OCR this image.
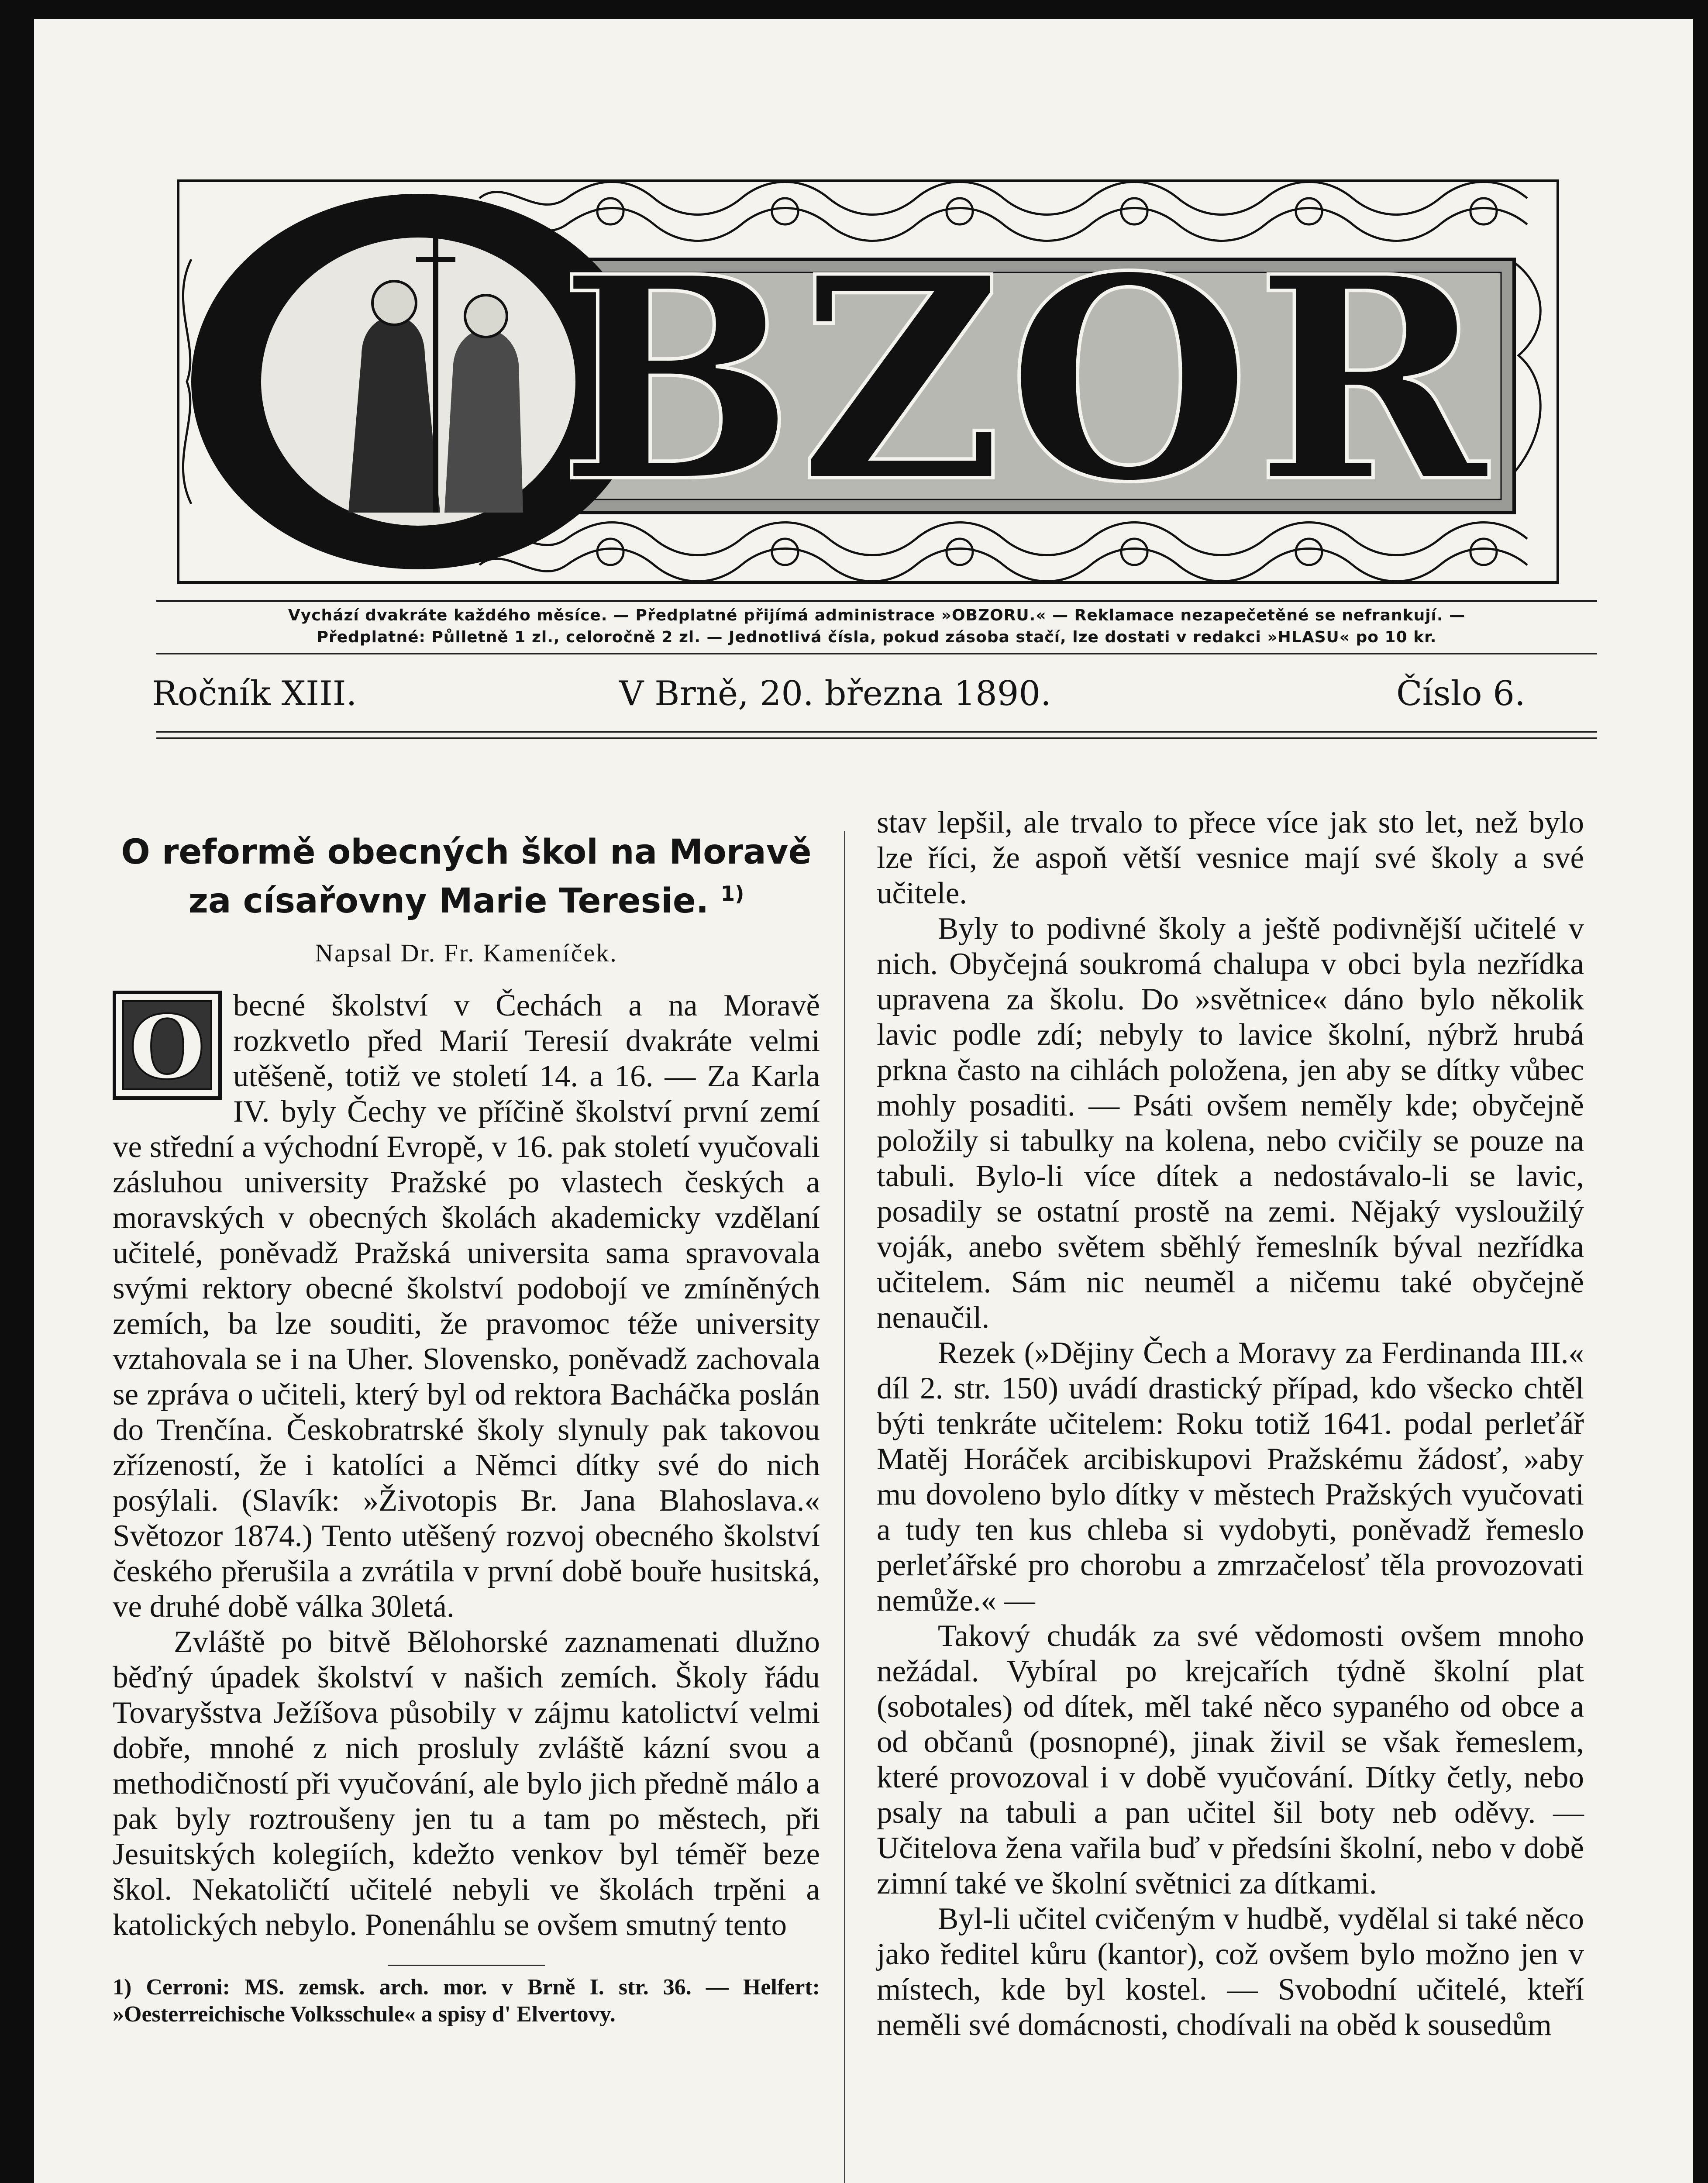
BZOR
Vychází dvakráte každého měsíce. — Předplatné přijímá administrace »OBZORU.« — Reklamace nezapečetěné se nefrankují. —
Předplatné: Půlletně 1 zl., celoročně 2 zl. — Jednotlivá čísla, pokud zásoba stačí, lze dostati v redakci »HLASU« po 10 kr.
Ročník XIII.	V Brně, 20. března 1890.	Číslo 6.
O reformě obecných škol na Moravě za císařovny Marie Teresie. $^{1)}$
Napsal Dr. Fr. Kameníček.
O becné školství v Čechách a na Moravě rozkvetlo před Marií Teresií dvakráte velmi utěšeně, totiž ve století 14. a 16. — Za Karla IV. byly Čechy ve příčině školství první zemí ve střední a východní Evropě, v 16. pak století vyučovali zásluhou university Pražské po vlastech českých a moravských v obecných školách akademicky vzdělaní učitelé, poněvadž Pražská universita sama spravovala svými rektory obecné školství podobojí ve zmíněných zemích, ba lze souditi, že pravomoc téže university vztahovala se i na Uher. Slovensko, poněvadž zachovala se zpráva o učiteli, který byl od rektora Bacháčka poslán do Trenčína. Českobratrské školy slynuly pak takovou zřízeností, že i katolíci a Němci dítky své do nich posýlali. (Slavík: »Životopis Br. Jana Blahoslava.« Světozor 1874.) Tento utěšený rozvoj obecného školství českého přerušila a zvrátila v první době bouře husitská, ve druhé době válka 30letá.

Zvláště po bitvě Bělohorské zaznamenati dlužno běďný úpadek školství v našich zemích. Školy řádu Tovaryšstva Ježíšova působily v zájmu katolictví velmi dobře, mnohé z nich prosluly zvláště kázní svou a methodičností při vyučování, ale bylo jich předně málo a pak byly roztroušeny jen tu a tam po městech, při Jesuitských kolegiích, kdežto venkov byl téměř beze škol. Nekatoličtí učitelé nebyli ve školách trpěni a katolických nebylo. Ponenáhlu se ovšem smutný tento

1) Cerroni: MS. zemsk. arch. mor. v Brně I. str. 36. — Helfert: »Oesterreichische Volksschule« a spisy d' Elvertovy.

stav lepšil, ale trvalo to přece více jak sto let, než bylo lze říci, že aspoň větší vesnice mají své školy a své učitele.

Byly to podivné školy a ještě podivnější učitelé v nich. Obyčejná soukromá chalupa v obci byla nezřídka upravena za školu. Do »světnice« dáno bylo několik lavic podle zdí; nebyly to lavice školní, nýbrž hrubá prkna často na cihlách položena, jen aby se dítky vůbec mohly posaditi. — Psáti ovšem neměly kde; obyčejně položily si tabulky na kolena, nebo cvičily se pouze na tabuli. Bylo-li více dítek a nedostávalo-li se lavic, posadily se ostatní prostě na zemi. Nějaký vysloužilý voják, anebo světem sběhlý řemeslník býval nezřídka učitelem. Sám nic neuměl a ničemu také obyčejně nenaučil.

Rezek (»Dějiny Čech a Moravy za Ferdinanda III.« díl 2. str. 150) uvádí drastický případ, kdo všecko chtěl býti tenkráte učitelem: Roku totiž 1641. podal perleťář Matěj Horáček arcibiskupovi Pražskému žádosť, »aby mu dovoleno bylo dítky v městech Pražských vyučovati a tudy ten kus chleba si vydobyti, poněvadž řemeslo perleťářské pro chorobu a zmrzačelosť těla provozovati nemůže.« —

Takový chudák za své vědomosti ovšem mnoho nežádal. Vybíral po krejcařích týdně školní plat (sobotales) od dítek, měl také něco sypaného od obce a od občanů (posnopné), jinak živil se však řemeslem, které provozoval i v době vyučování. Dítky četly, nebo psaly na tabuli a pan učitel šil boty neb oděvy. — Učitelova žena vařila buď v předsíni školní, nebo v době zimní také ve školní světnici za dítkami.

Byl-li učitel cvičeným v hudbě, vydělal si také něco jako ředitel kůru (kantor), což ovšem bylo možno jen v místech, kde byl kostel. — Svobodní učitelé, kteří neměli své domácnosti, chodívali na oběd k sousedům
